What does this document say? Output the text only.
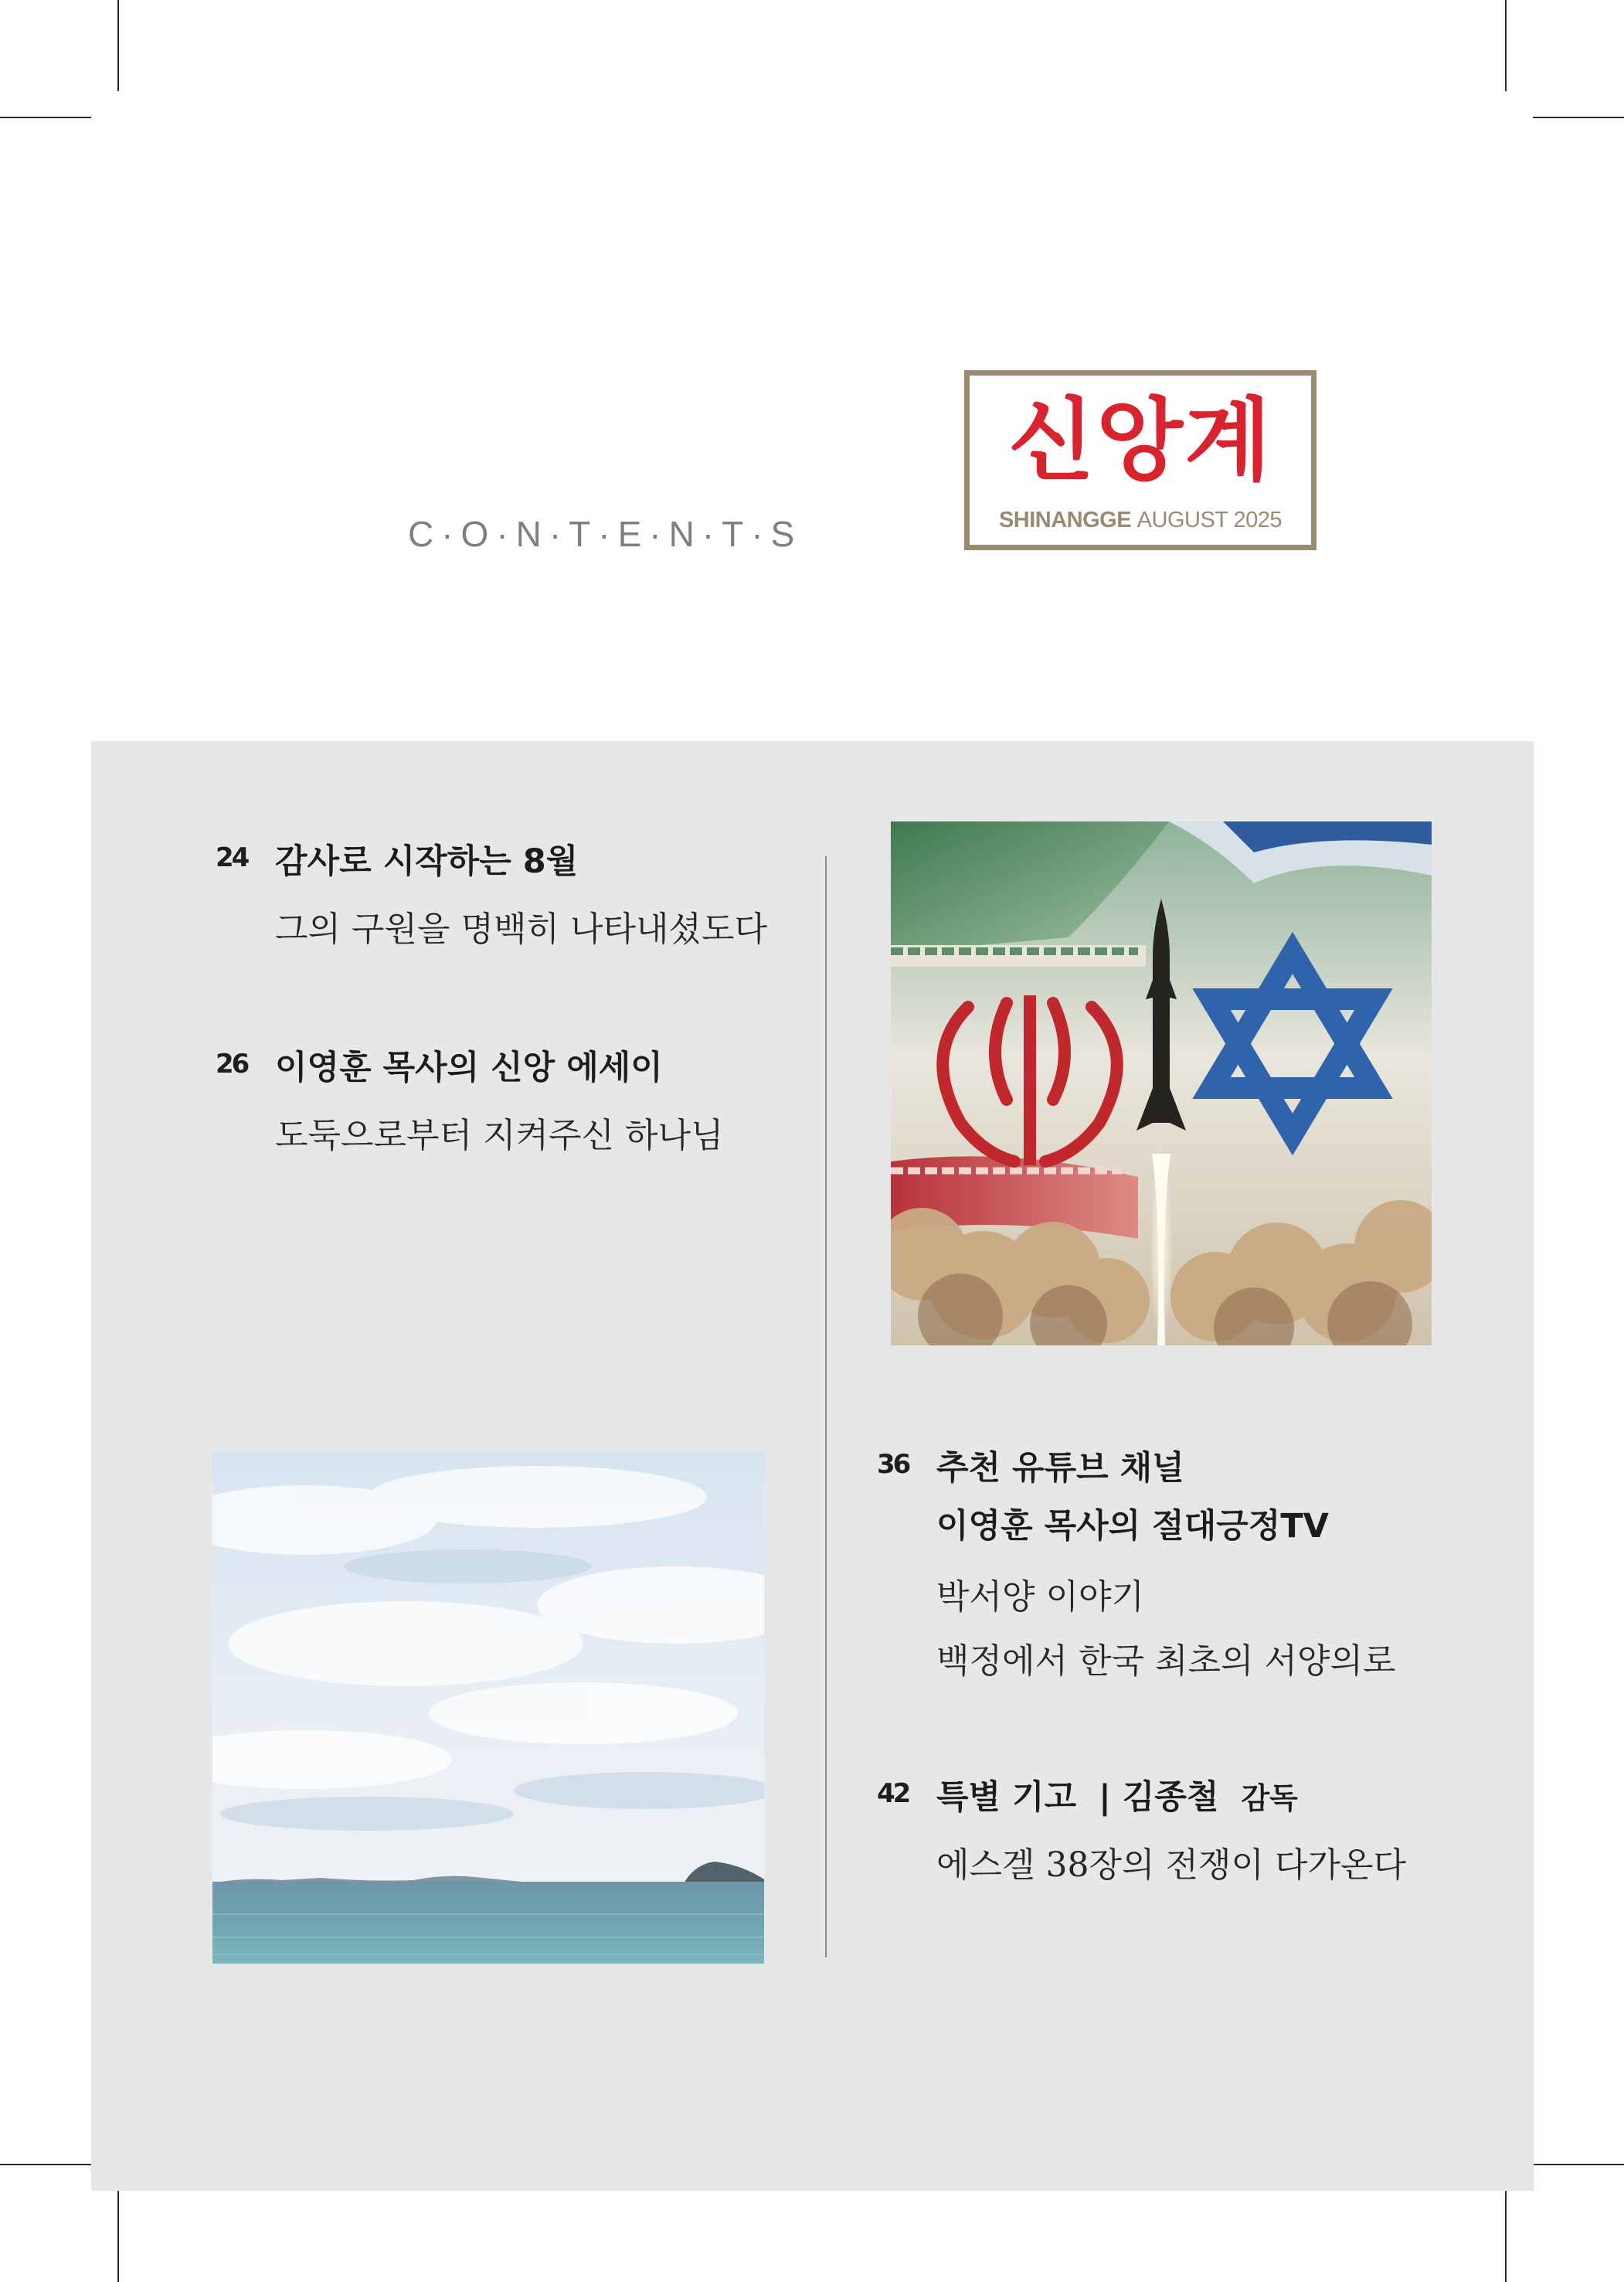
C·O·N·T·E·N·T·S
신앙계
SHINANGGE AUGUST 2025
24 감사로 시작하는 8월
그의 구원을 명백히 나타내셨도다
26 이영훈 목사의 신앙 에세이
도둑으로부터 지켜주신 하나님
36 추천 유튜브 채널
이영훈 목사의 절대긍정TV
박서양 이야기
백정에서 한국 최초의 서양의로
42 특별 기고 | 김종철 감독
에스겔 38장의 전쟁이 다가온다
